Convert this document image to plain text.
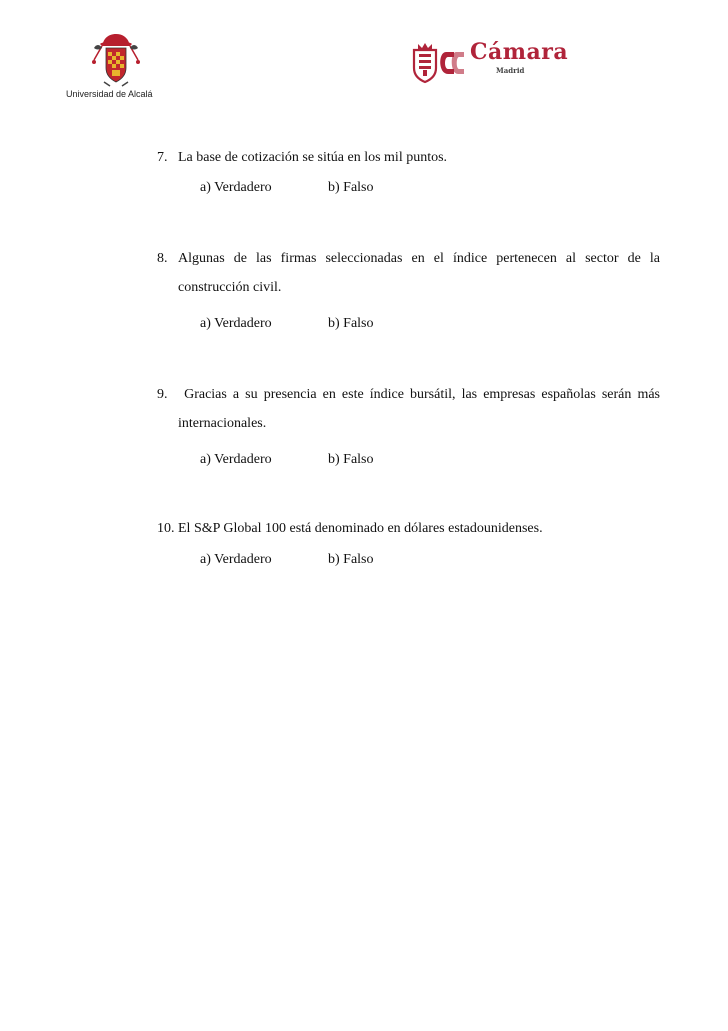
Universidad de Alcalá
Cámara
Madrid
7. La base de cotización se sitúa en los mil puntos.
a) Verdadero	b) Falso
8. Algunas de las firmas seleccionadas en el índice pertenecen al sector de la construcción civil.
a) Verdadero	b) Falso
9. Gracias a su presencia en este índice bursátil, las empresas españolas serán más internacionales.
a) Verdadero	b) Falso
10. El S&P Global 100 está denominado en dólares estadounidenses.
a) Verdadero	b) Falso
